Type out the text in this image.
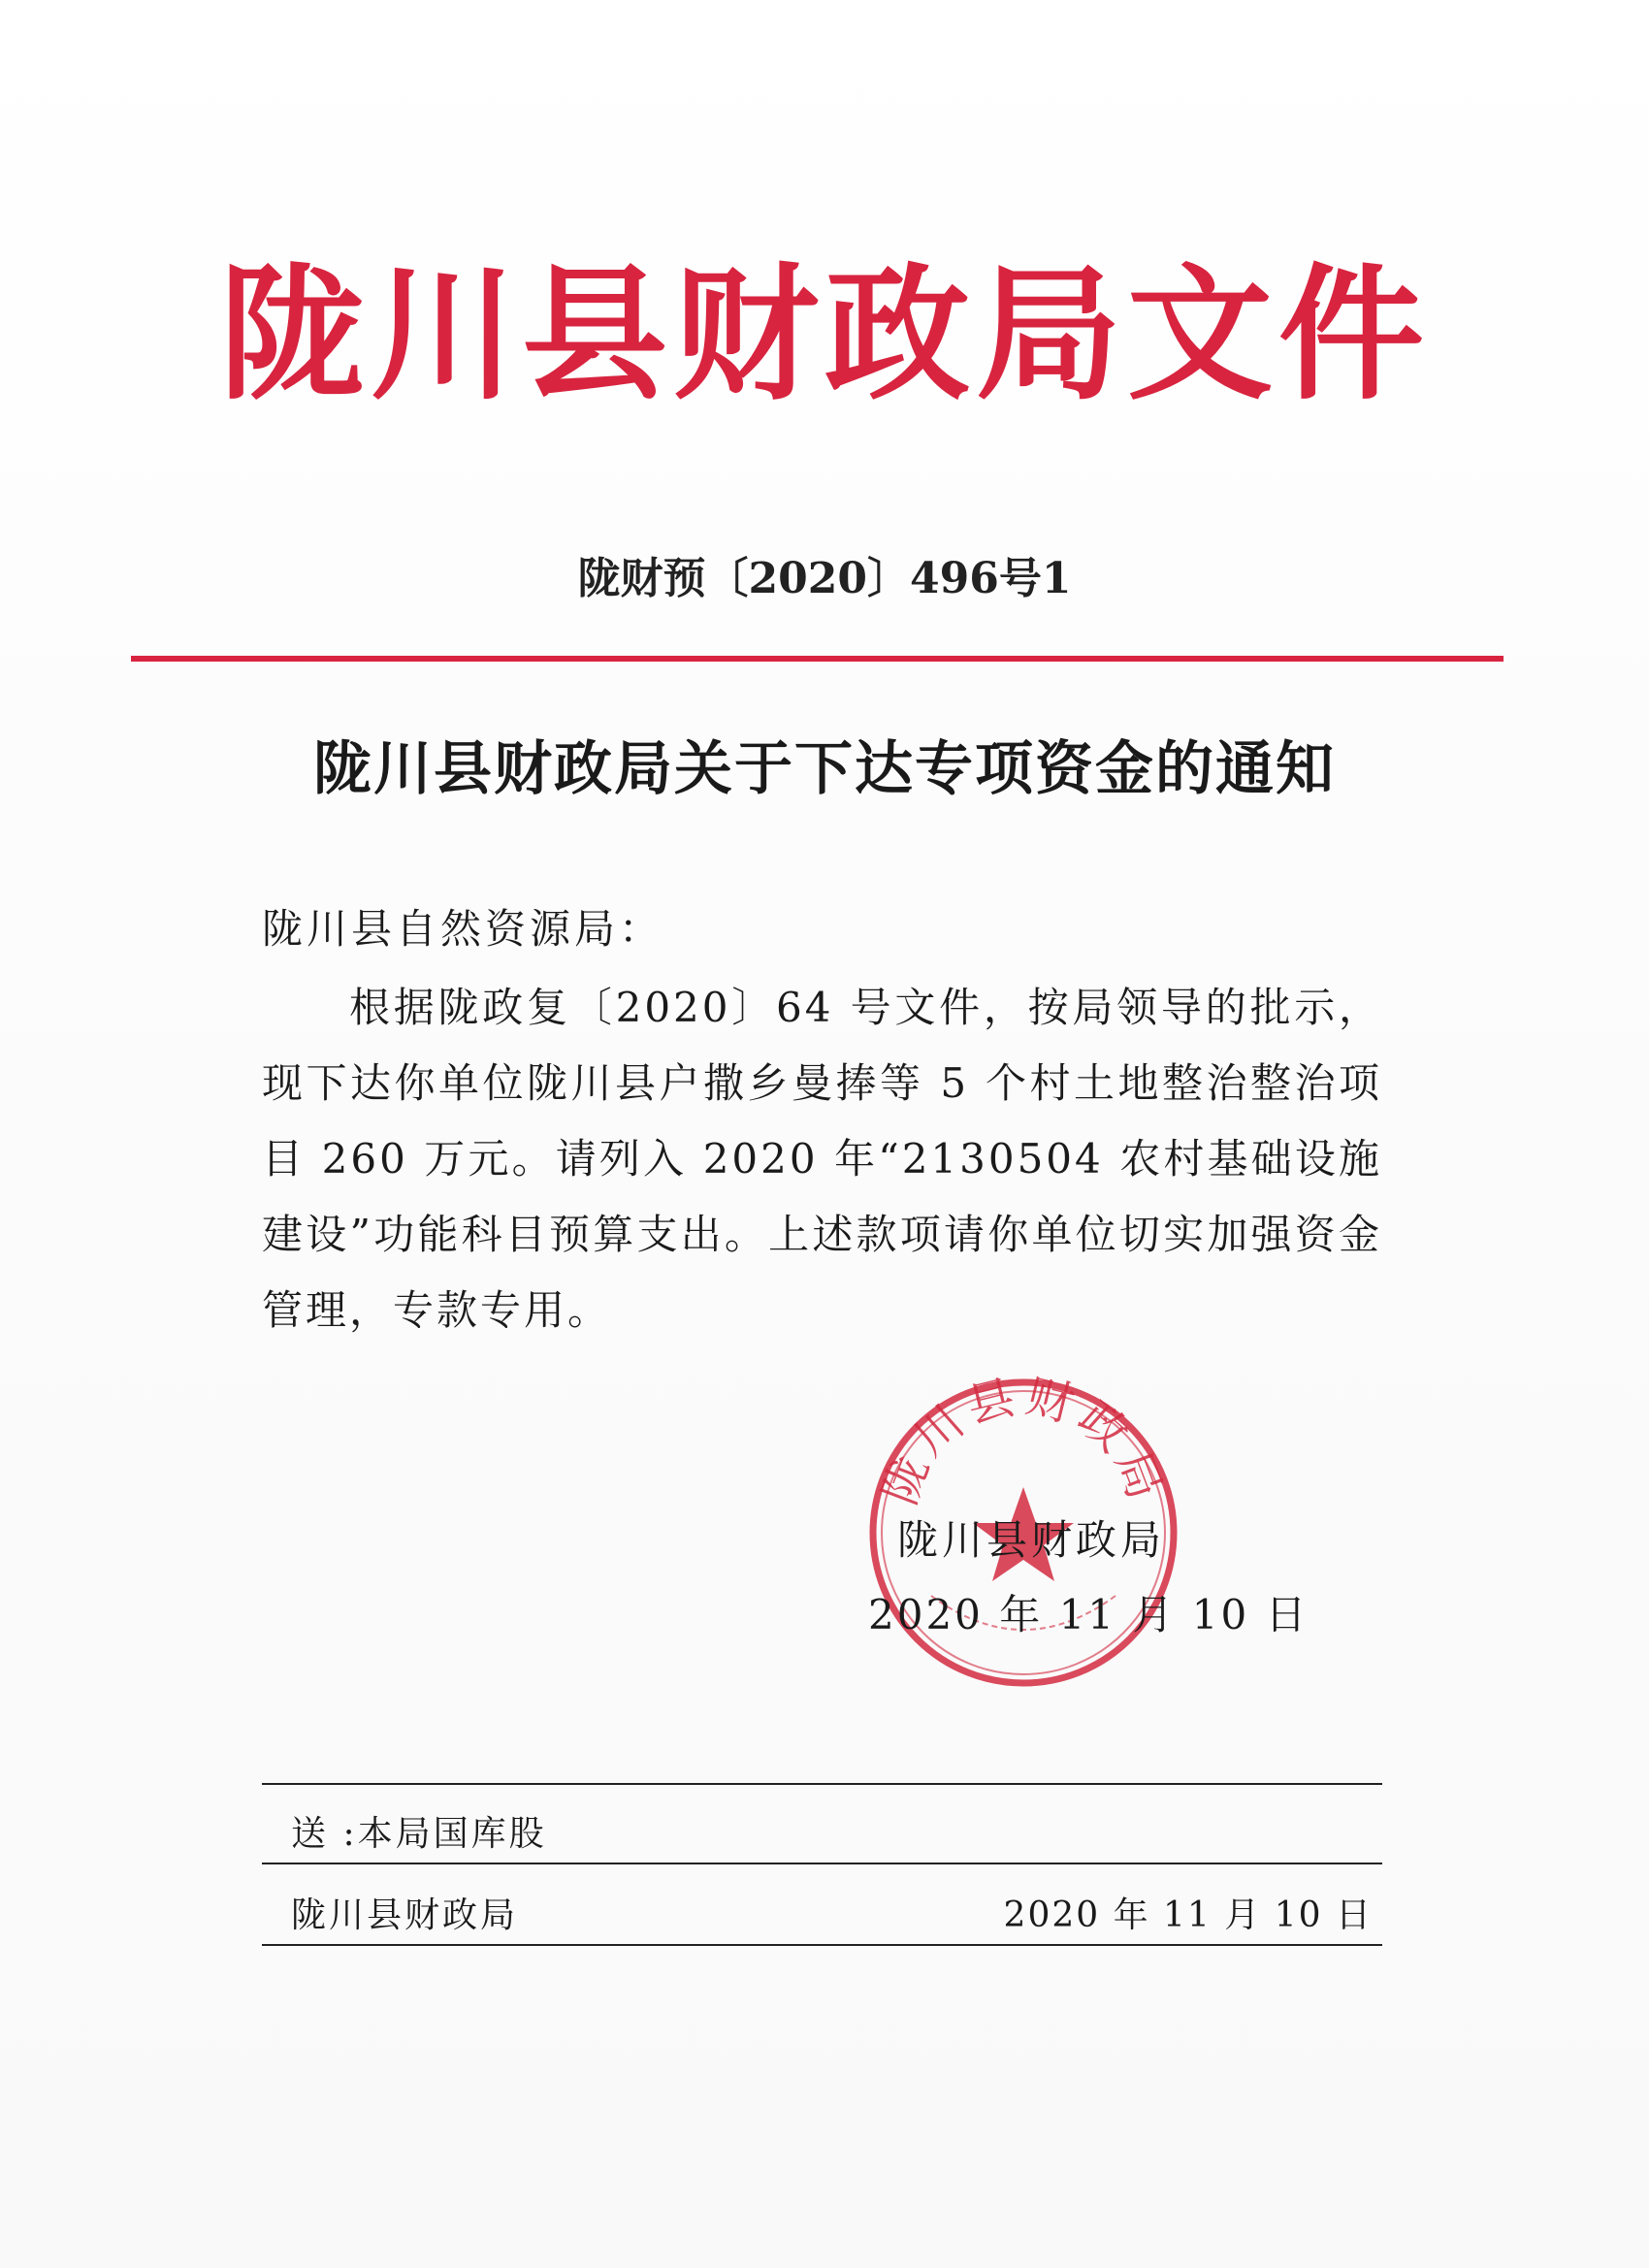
陇川县财政局文件
陇财预〔2020〕496号1
陇川县财政局关于下达专项资金的通知
陇川县自然资源局：
根据陇政复〔2020〕64 号文件，按局领导的批示，现下达你单位陇川县户撒乡曼捧等 5 个村土地整治整治项目 260 万元。请列入 2020 年“2130504 农村基础设施建设”功能科目预算支出。上述款项请你单位切实加强资金管理，专款专用。
陇川县财政局
陇川县财政局
2020 年 11 月 10 日
送 :本局国库股
陇川县财政局	2020 年 11 月 10 日
